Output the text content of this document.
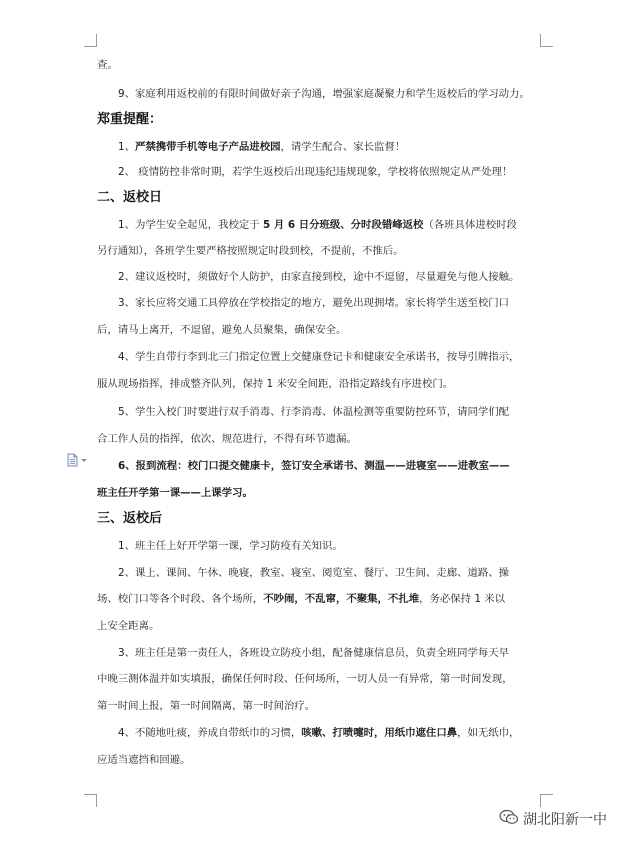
查。
9、家庭利用返校前的有限时间做好亲子沟通，增强家庭凝聚力和学生返校后的学习动力。
郑重提醒：
1、严禁携带手机等电子产品进校园，请学生配合、家长监督！
2、 疫情防控非常时期，若学生返校后出现违纪违规现象，学校将依照规定从严处理！
二、返校日
1、为学生安全起见，我校定于 5 月 6 日分班级、分时段错峰返校（各班具体进校时段
另行通知），各班学生要严格按照规定时段到校，不提前，不推后。
2、建议返校时，须做好个人防护，由家直接到校，途中不逗留，尽量避免与他人接触。
3、家长应将交通工具停放在学校指定的地方，避免出现拥堵。家长将学生送至校门口
后，请马上离开，不逗留，避免人员聚集，确保安全。
4、学生自带行李到北三门指定位置上交健康登记卡和健康安全承诺书，按导引牌指示，
服从现场指挥，排成整齐队列，保持 1 米安全间距，沿指定路线有序进校门。
5、学生入校门时要进行双手消毒、行李消毒、体温检测等重要防控环节，请同学们配
合工作人员的指挥，依次、规范进行，不得有环节遗漏。
6、报到流程：校门口提交健康卡，签订安全承诺书、测温——进寝室——进教室——
班主任开学第一课——上课学习。
三、返校后
1、班主任上好开学第一课，学习防疫有关知识。
2、课上、课间、午休、晚寝，教室、寝室、阅览室、餐厅、卫生间、走廊、道路、操
场、校门口等各个时段、各个场所，不吵闹，不乱窜，不聚集，不扎堆，务必保持 1 米以
上安全距离。
3、班主任是第一责任人，各班设立防疫小组，配备健康信息员，负责全班同学每天早
中晚三测体温并如实填报，确保任何时段、任何场所，一切人员一有异常，第一时间发现，
第一时间上报，第一时间隔离，第一时间治疗。
4、不随地吐痰，养成自带纸巾的习惯，咳嗽、打喷嚏时，用纸巾遮住口鼻，如无纸巾，
应适当遮挡和回避。
湖北阳新一中
